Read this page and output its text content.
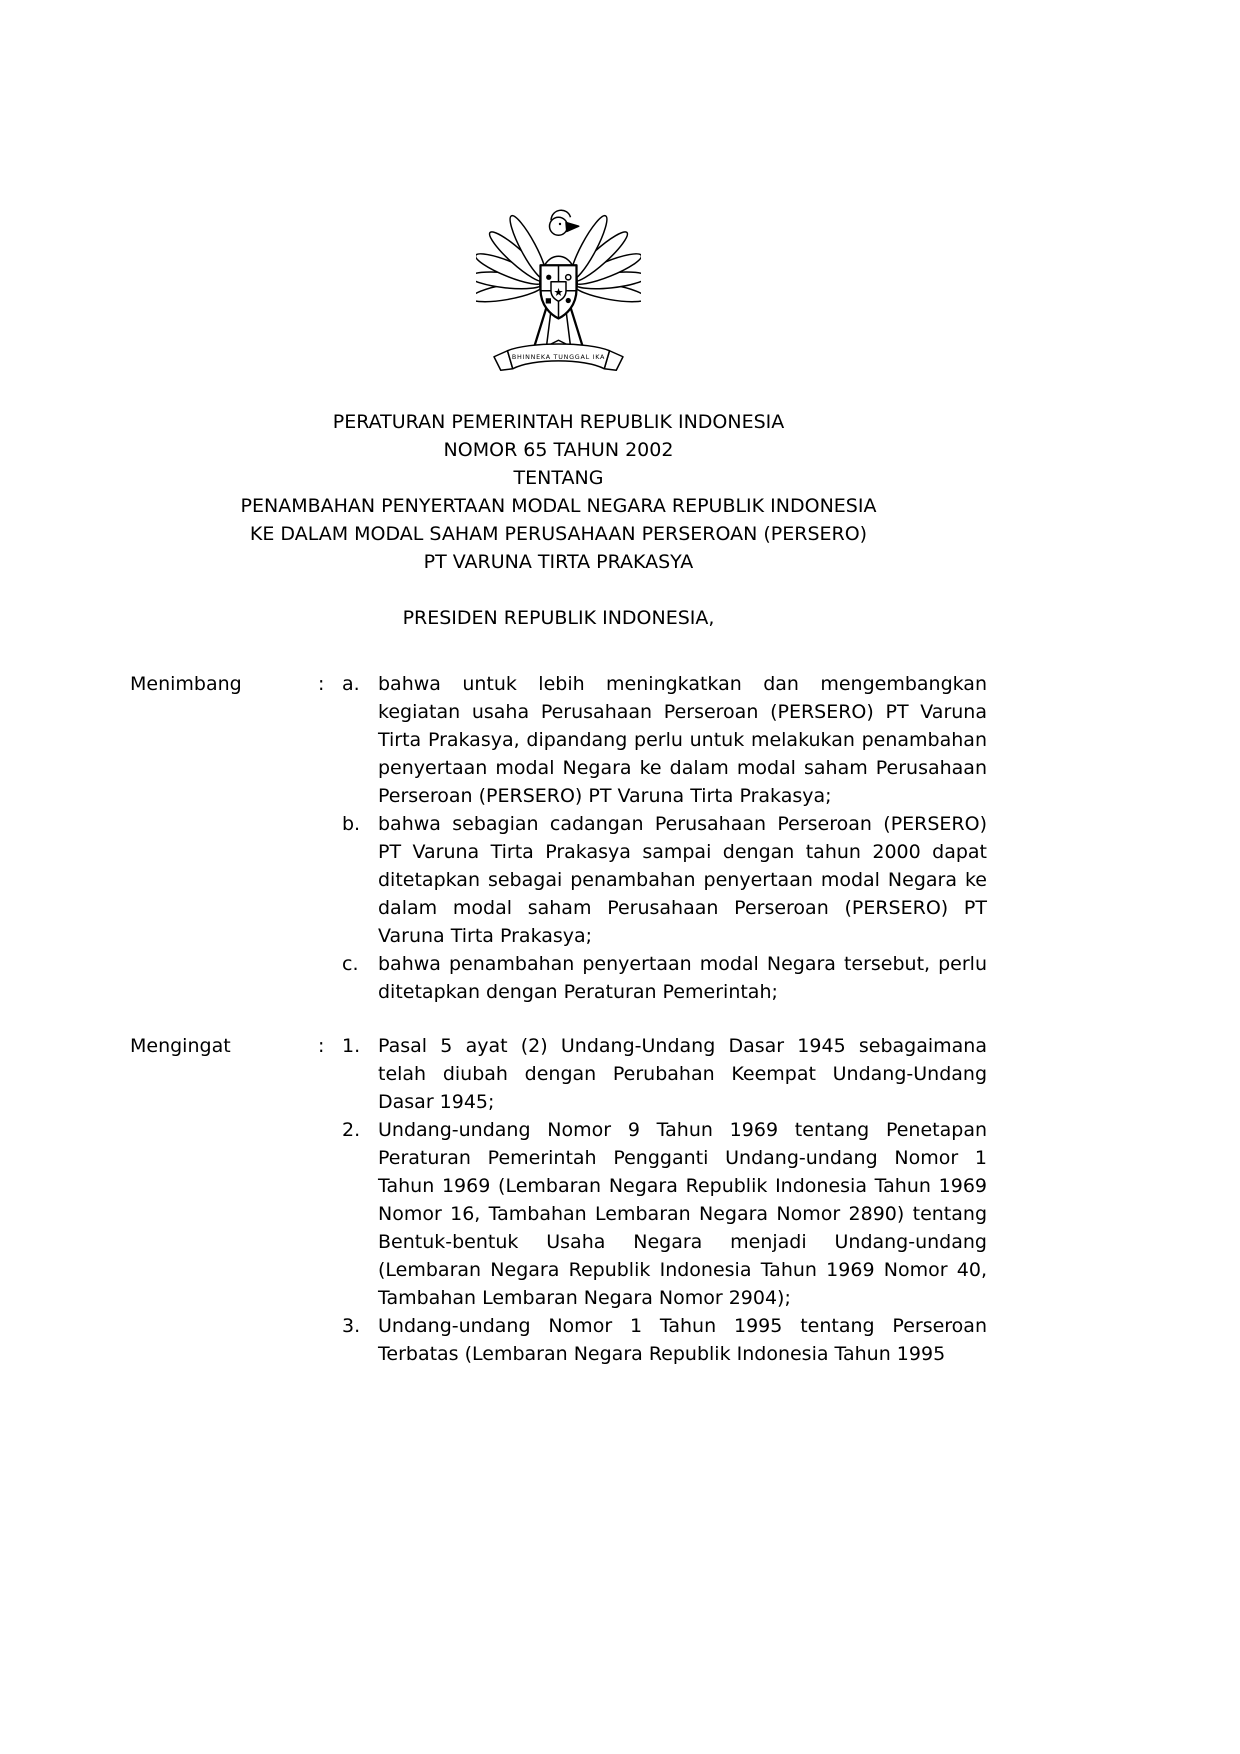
★
BHINNEKA TUNGGAL IKA
PERATURAN PEMERINTAH REPUBLIK INDONESIA
NOMOR 65 TAHUN 2002
TENTANG
PENAMBAHAN PENYERTAAN MODAL NEGARA REPUBLIK INDONESIA
KE DALAM MODAL SAHAM PERUSAHAAN PERSEROAN (PERSERO)
PT VARUNA TIRTA PRAKASYA
PRESIDEN REPUBLIK INDONESIA,
Menimbang	: a. bahwa untuk lebih meningkatkan dan mengembangkan kegiatan usaha Perusahaan Perseroan (PERSERO) PT Varuna Tirta Prakasya, dipandang perlu untuk melakukan penambahan penyertaan modal Negara ke dalam modal saham Perusahaan Perseroan (PERSERO) PT Varuna Tirta Prakasya;
b. bahwa sebagian cadangan Perusahaan Perseroan (PERSERO) PT Varuna Tirta Prakasya sampai dengan tahun 2000 dapat ditetapkan sebagai penambahan penyertaan modal Negara ke dalam modal saham Perusahaan Perseroan (PERSERO) PT Varuna Tirta Prakasya;
c.	bahwa penambahan penyertaan modal Negara tersebut, perlu ditetapkan dengan Peraturan Pemerintah;
Mengingat	: 1. Pasal 5 ayat (2) Undang-Undang Dasar 1945 sebagaimana telah diubah dengan Perubahan Keempat Undang-Undang Dasar 1945;
2. Undang-undang Nomor 9 Tahun 1969 tentang Penetapan Peraturan Pemerintah Pengganti Undang-undang Nomor 1 Tahun 1969 (Lembaran Negara Republik Indonesia Tahun 1969 Nomor 16, Tambahan Lembaran Negara Nomor 2890) tentang Bentuk-bentuk Usaha Negara menjadi Undang-undang (Lembaran Negara Republik Indonesia Tahun 1969 Nomor 40, Tambahan Lembaran Negara Nomor 2904);
3. Undang-undang Nomor 1 Tahun 1995 tentang Perseroan Terbatas (Lembaran Negara Republik Indonesia Tahun 1995
